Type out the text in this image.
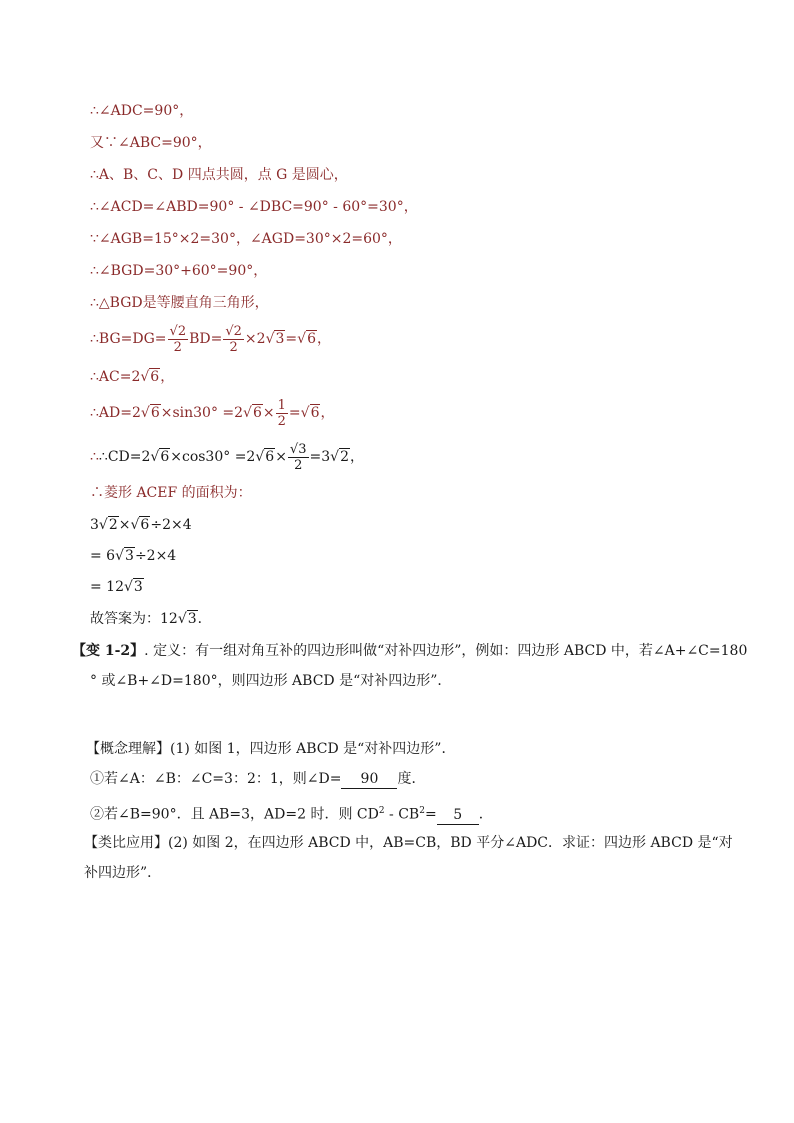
∴∠ADC=90°，
又∵∠ABC=90°，
∴A、B、C、D 四点共圆，点 G 是圆心，
∴∠ACD=∠ABD=90° - ∠DBC=90° - 60°=30°，
∵∠AGB=15°×2=30°，∠AGD=30°×2=60°，
∴∠BGD=30°+60°=90°，
∴△BGD是等腰直角三角形，
∴BG=DG= $\frac{√2}{2} BD= \frac{√2}{2} \times 2√3=√6$，
∴AC=2√6，
∴AD=2√6×sin30° $=2√6\times \frac{1}{2} =√6$，
∴∴CD=2√6×cos30° $=2√6\times \frac{√3}{2} =3√2$，
∴菱形 ACEF 的面积为：
3√2×√6÷2×4
= 6√3÷2×4
= 12√3
故答案为：12√3．
【变 1-2】. 定义：有一组对角互补的四边形叫做“对补四边形”，例如：四边形 ABCD 中，若∠A+∠C=180
° 或∠B+∠D=180°，则四边形 ABCD 是“对补四边形”．
【概念理解】(1) 如图 1，四边形 ABCD 是“对补四边形”．
①若∠A：∠B：∠C=3：2：1，则∠D= 90 度．
②若∠B=90°．且 AB=3，AD=2 时．则 $CD^2 - CB^2= 5$ ．
【类比应用】(2) 如图 2，在四边形 ABCD 中，AB=CB，BD 平分∠ADC．求证：四边形 ABCD 是“对
补四边形”．
